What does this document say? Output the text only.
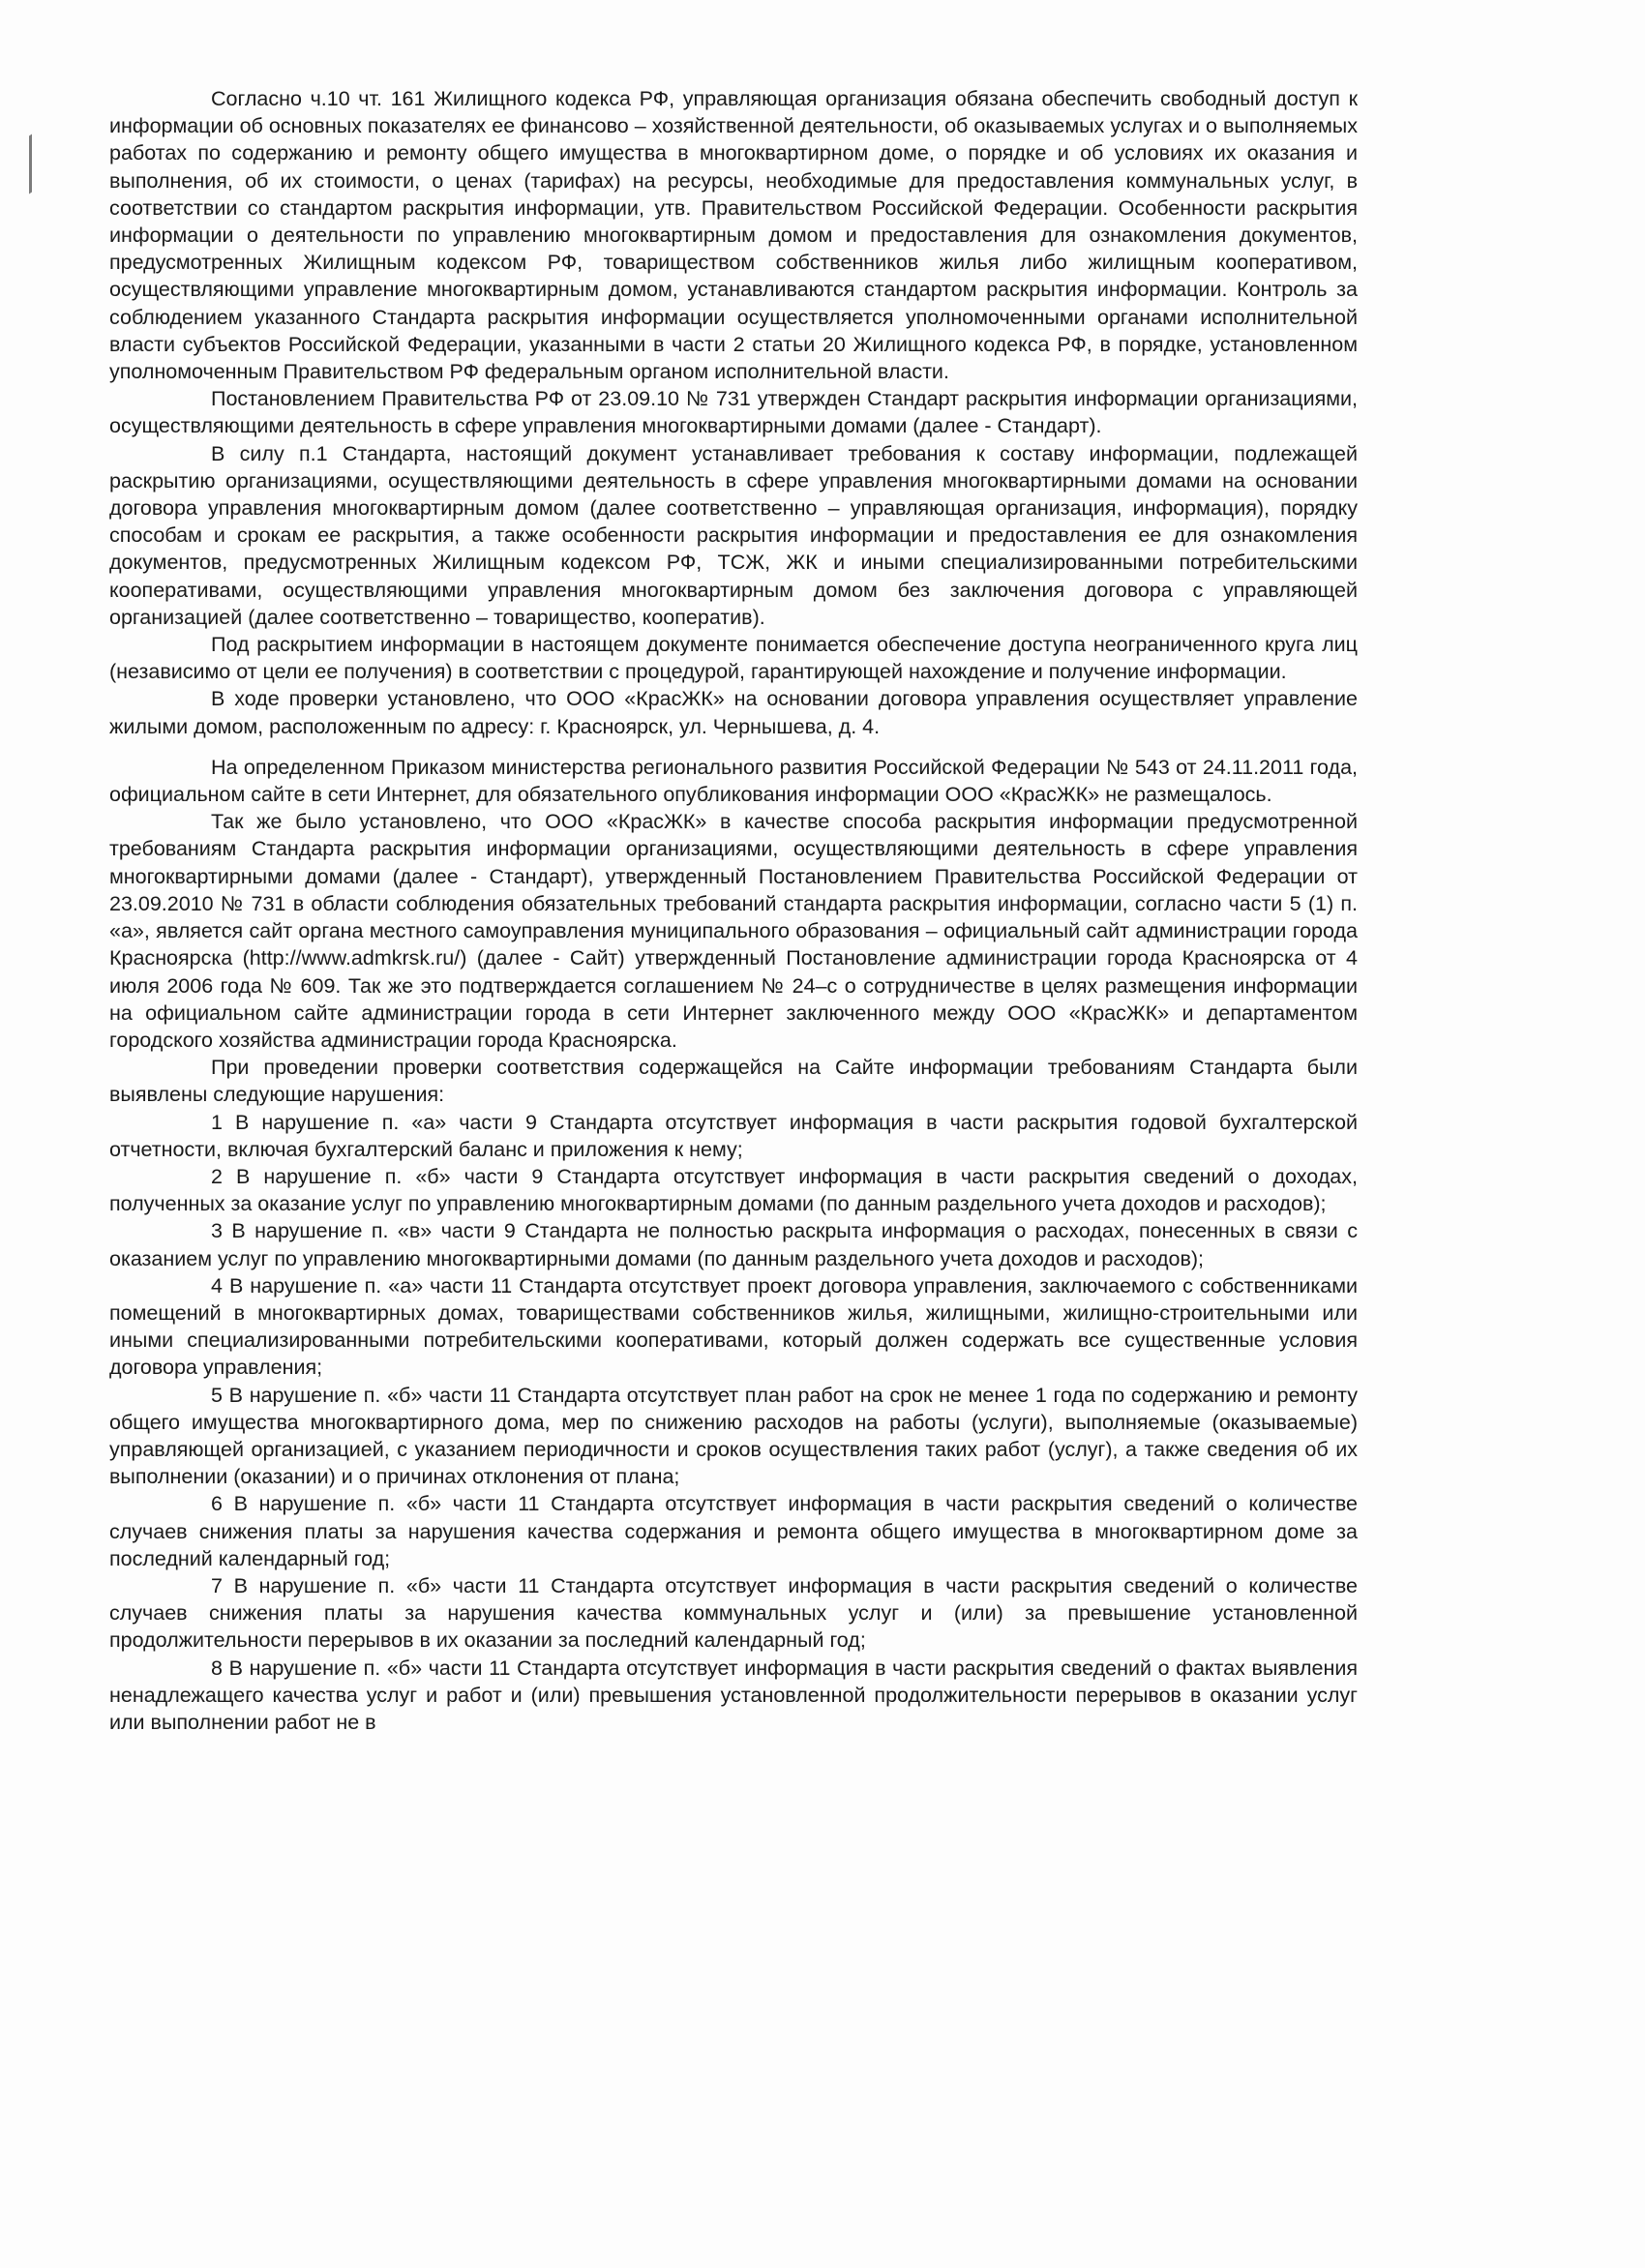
Согласно ч.10 чт. 161 Жилищного кодекса РФ, управляющая организация обязана обеспечить свободный доступ к информации об основных показателях ее финансово – хозяйственной деятельности, об оказываемых услугах и о выполняемых работах по содержанию и ремонту общего имущества в многоквартирном доме, о порядке и об условиях их оказания и выполнения, об их стоимости, о ценах (тарифах) на ресурсы, необходимые для предоставления коммунальных услуг, в соответствии со стандартом раскрытия информации, утв. Правительством Российской Федерации. Особенности раскрытия информации о деятельности по управлению многоквартирным домом и предоставления для ознакомления документов, предусмотренных Жилищным кодексом РФ, товариществом собственников жилья либо жилищным кооперативом, осуществляющими управление многоквартирным домом, устанавливаются стандартом раскрытия информации. Контроль за соблюдением указанного Стандарта раскрытия информации осуществляется уполномоченными органами исполнительной власти субъектов Российской Федерации, указанными в части 2 статьи 20 Жилищного кодекса РФ, в порядке, установленном уполномоченным Правительством РФ федеральным органом исполнительной власти.

Постановлением Правительства РФ от 23.09.10 № 731 утвержден Стандарт раскрытия информации организациями, осуществляющими деятельность в сфере управления многоквартирными домами (далее - Стандарт).

В силу п.1 Стандарта, настоящий документ устанавливает требования к составу информации, подлежащей раскрытию организациями, осуществляющими деятельность в сфере управления многоквартирными домами на основании договора управления многоквартирным домом (далее соответственно – управляющая организация, информация), порядку способам и срокам ее раскрытия, а также особенности раскрытия информации и предоставления ее для ознакомления документов, предусмотренных Жилищным кодексом РФ, ТСЖ, ЖК и иными специализированными потребительскими кооперативами, осуществляющими управления многоквартирным домом без заключения договора с управляющей организацией (далее соответственно – товарищество, кооператив).

Под раскрытием информации в настоящем документе понимается обеспечение доступа неограниченного круга лиц (независимо от цели ее получения) в соответствии с процедурой, гарантирующей нахождение и получение информации.

В ходе проверки установлено, что ООО «КрасЖК» на основании договора управления осуществляет управление жилыми домом, расположенным по адресу: г. Красноярск, ул. Чернышева, д. 4.

На определенном Приказом министерства регионального развития Российской Федерации № 543 от 24.11.2011 года, официальном сайте в сети Интернет, для обязательного опубликования информации ООО «КрасЖК» не размещалось.

Так же было установлено, что ООО «КрасЖК» в качестве способа раскрытия информации предусмотренной требованиям Стандарта раскрытия информации организациями, осуществляющими деятельность в сфере управления многоквартирными домами (далее - Стандарт), утвержденный Постановлением Правительства Российской Федерации от 23.09.2010 № 731 в области соблюдения обязательных требований стандарта раскрытия информации, согласно части 5 (1) п. «а», является сайт органа местного самоуправления муниципального образования – официальный сайт администрации города Красноярска (http://www.admkrsk.ru/) (далее - Сайт) утвержденный Постановление администрации города Красноярска от 4 июля 2006 года № 609. Так же это подтверждается соглашением № 24–с о сотрудничестве в целях размещения информации на официальном сайте администрации города в сети Интернет заключенного между ООО «КрасЖК» и департаментом городского хозяйства администрации города Красноярска.

При проведении проверки соответствия содержащейся на Сайте информации требованиям Стандарта были выявлены следующие нарушения:

1 В нарушение п. «а» части 9 Стандарта отсутствует информация в части раскрытия годовой бухгалтерской отчетности, включая бухгалтерский баланс и приложения к нему;

2 В нарушение п. «б» части 9 Стандарта отсутствует информация в части раскрытия сведений о доходах, полученных за оказание услуг по управлению многоквартирным домами (по данным раздельного учета доходов и расходов);

3 В нарушение п. «в» части 9 Стандарта не полностью раскрыта информация о расходах, понесенных в связи с оказанием услуг по управлению многоквартирными домами (по данным раздельного учета доходов и расходов);

4 В нарушение п. «а» части 11 Стандарта отсутствует проект договора управления, заключаемого с собственниками помещений в многоквартирных домах, товариществами собственников жилья, жилищными, жилищно-строительными или иными специализированными потребительскими кооперативами, который должен содержать все существенные условия договора управления;

5 В нарушение п. «б» части 11 Стандарта отсутствует план работ на срок не менее 1 года по содержанию и ремонту общего имущества многоквартирного дома, мер по снижению расходов на работы (услуги), выполняемые (оказываемые) управляющей организацией, с указанием периодичности и сроков осуществления таких работ (услуг), а также сведения об их выполнении (оказании) и о причинах отклонения от плана;

6 В нарушение п. «б» части 11 Стандарта отсутствует информация в части раскрытия сведений о количестве случаев снижения платы за нарушения качества содержания и ремонта общего имущества в многоквартирном доме за последний календарный год;

7 В нарушение п. «б» части 11 Стандарта отсутствует информация в части раскрытия сведений о количестве случаев снижения платы за нарушения качества коммунальных услуг и (или) за превышение установленной продолжительности перерывов в их оказании за последний календарный год;

8 В нарушение п. «б» части 11 Стандарта отсутствует информация в части раскрытия сведений о фактах выявления ненадлежащего качества услуг и работ и (или) превышения установленной продолжительности перерывов в оказании услуг или выполнении работ не в
